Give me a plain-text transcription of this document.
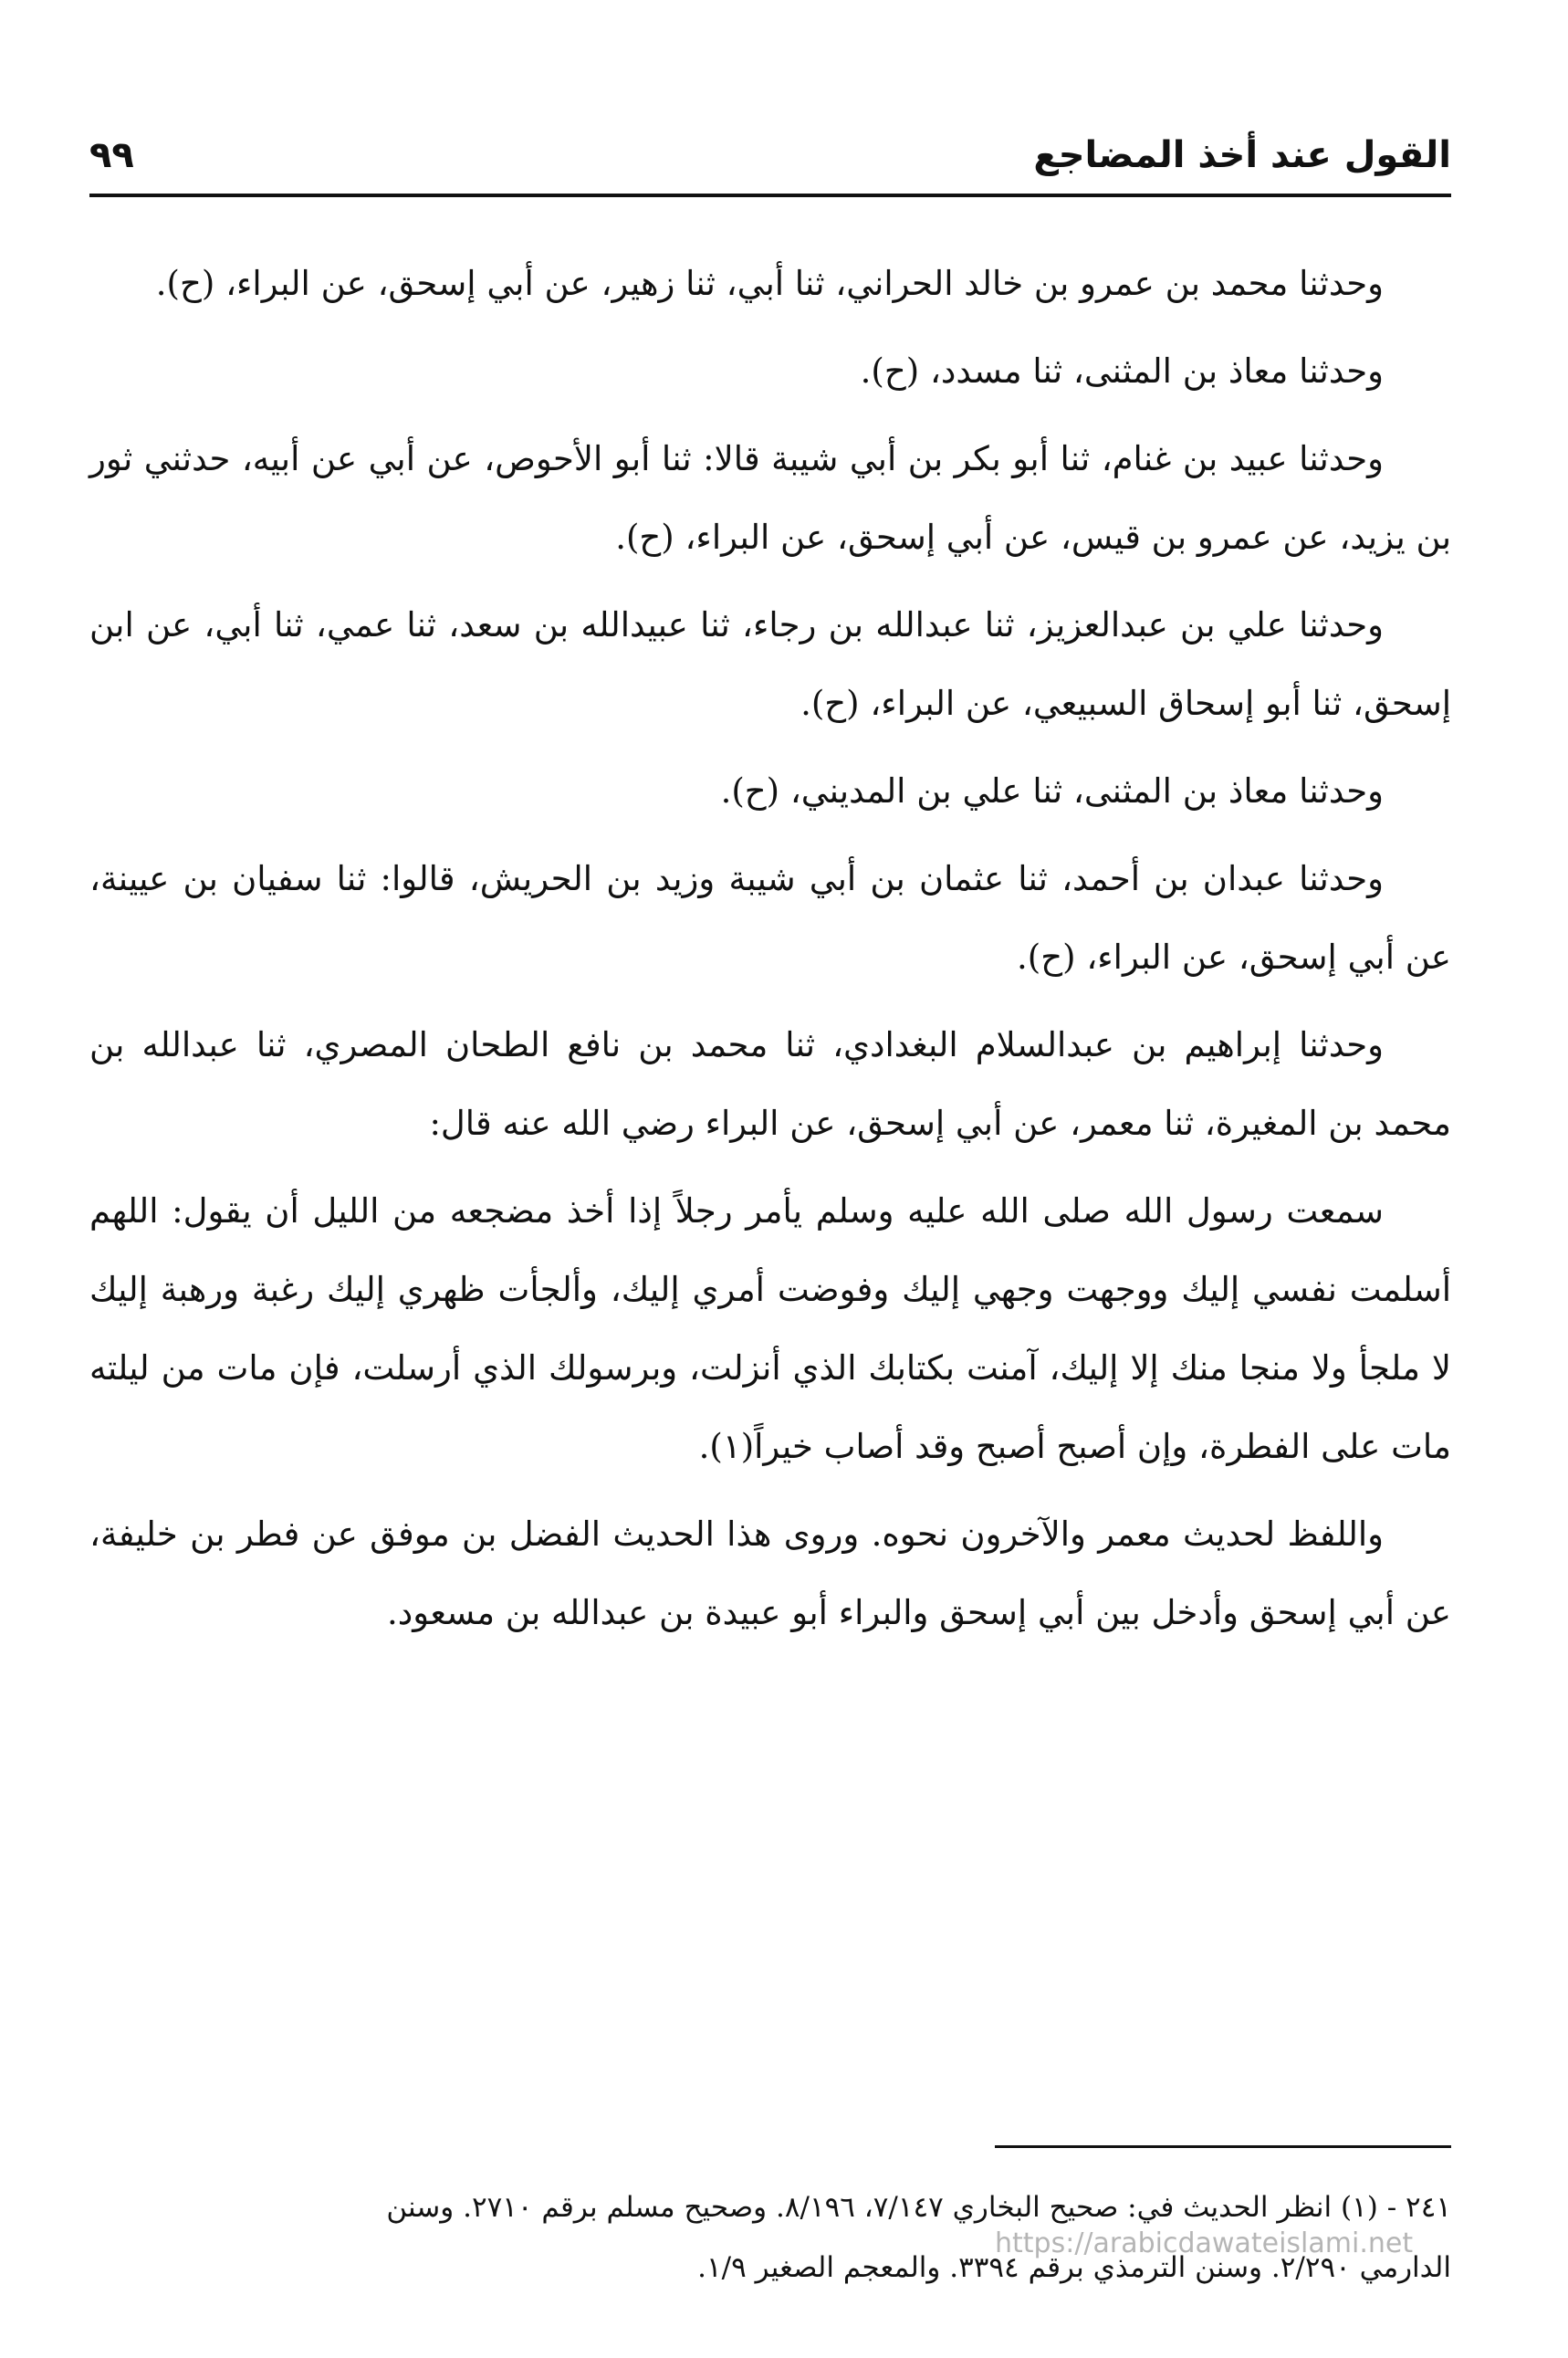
القول عند أخذ المضاجع
٩٩

وحدثنا محمد بن عمرو بن خالد الحراني، ثنا أبي، ثنا زهير، عن أبي إسحق، عن البراء، (ح).

وحدثنا معاذ بن المثنى، ثنا مسدد، (ح).

وحدثنا عبيد بن غنام، ثنا أبو بكر بن أبي شيبة قالا: ثنا أبو الأحوص، عن أبي عن أبيه، حدثني ثور بن يزيد، عن عمرو بن قيس، عن أبي إسحق، عن البراء، (ح).

وحدثنا علي بن عبدالعزيز، ثنا عبدالله بن رجاء، ثنا عبيدالله بن سعد، ثنا عمي، ثنا أبي، عن ابن إسحق، ثنا أبو إسحاق السبيعي، عن البراء، (ح).

وحدثنا معاذ بن المثنى، ثنا علي بن المديني، (ح).

وحدثنا عبدان بن أحمد، ثنا عثمان بن أبي شيبة وزيد بن الحريش، قالوا: ثنا سفيان بن عيينة، عن أبي إسحق، عن البراء، (ح).

وحدثنا إبراهيم بن عبدالسلام البغدادي، ثنا محمد بن نافع الطحان المصري، ثنا عبدالله بن محمد بن المغيرة، ثنا معمر، عن أبي إسحق، عن البراء رضي الله عنه قال:

سمعت رسول الله صلى الله عليه وسلم يأمر رجلاً إذا أخذ مضجعه من الليل أن يقول: اللهم أسلمت نفسي إليك ووجهت وجهي إليك وفوضت أمري إليك، وألجأت ظهري إليك رغبة ورهبة إليك لا ملجأ ولا منجا منك إلا إليك، آمنت بكتابك الذي أنزلت، وبرسولك الذي أرسلت، فإن مات من ليلته مات على الفطرة، وإن أصبح أصبح وقد أصاب خيراً(١).

واللفظ لحديث معمر والآخرون نحوه. وروى هذا الحديث الفضل بن موفق عن فطر بن خليفة، عن أبي إسحق وأدخل بين أبي إسحق والبراء أبو عبيدة بن عبدالله بن مسعود.

٢٤١ - (١) انظر الحديث في: صحيح البخاري ٧/١٤٧، ٨/١٩٦. وصحيح مسلم برقم ٢٧١٠. وسنن

الدارمي ٢/٢٩٠. وسنن الترمذي برقم ٣٣٩٤. والمعجم الصغير ١/٩.

https://arabicdawateislami.net
